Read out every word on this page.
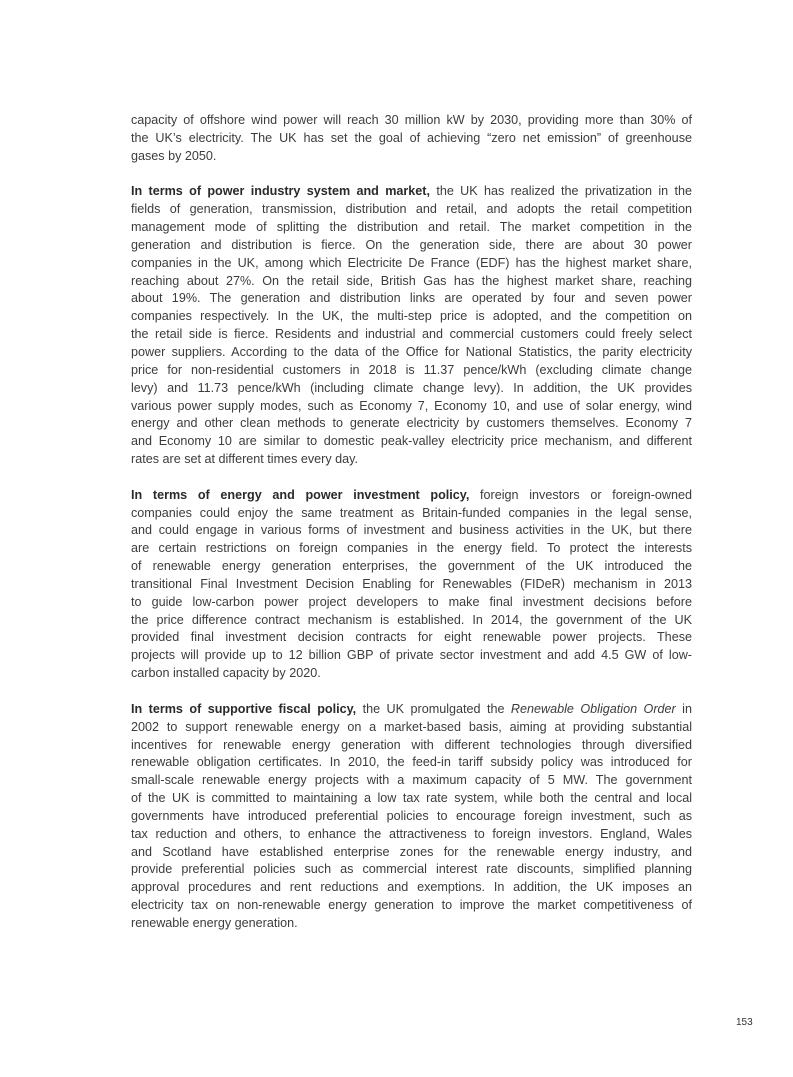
capacity of offshore wind power will reach 30 million kW by 2030, providing more than 30% of
the UK’s electricity. The UK has set the goal of achieving “zero net emission” of greenhouse
gases by 2050.
In terms of power industry system and market, the UK has realized the privatization in the
fields of generation, transmission, distribution and retail, and adopts the retail competition
management mode of splitting the distribution and retail. The market competition in the
generation and distribution is fierce. On the generation side, there are about 30 power
companies in the UK, among which Electricite De France (EDF) has the highest market share,
reaching about 27%. On the retail side, British Gas has the highest market share, reaching
about 19%. The generation and distribution links are operated by four and seven power
companies respectively. In the UK, the multi-step price is adopted, and the competition on
the retail side is fierce. Residents and industrial and commercial customers could freely select
power suppliers. According to the data of the Office for National Statistics, the parity electricity
price for non-residential customers in 2018 is 11.37 pence/kWh (excluding climate change
levy) and 11.73 pence/kWh (including climate change levy). In addition, the UK provides
various power supply modes, such as Economy 7, Economy 10, and use of solar energy, wind
energy and other clean methods to generate electricity by customers themselves. Economy 7
and Economy 10 are similar to domestic peak-valley electricity price mechanism, and different
rates are set at different times every day.
In terms of energy and power investment policy, foreign investors or foreign-owned
companies could enjoy the same treatment as Britain-funded companies in the legal sense,
and could engage in various forms of investment and business activities in the UK, but there
are certain restrictions on foreign companies in the energy field. To protect the interests
of renewable energy generation enterprises, the government of the UK introduced the
transitional Final Investment Decision Enabling for Renewables (FIDeR) mechanism in 2013
to guide low-carbon power project developers to make final investment decisions before
the price difference contract mechanism is established. In 2014, the government of the UK
provided final investment decision contracts for eight renewable power projects. These
projects will provide up to 12 billion GBP of private sector investment and add 4.5 GW of low-
carbon installed capacity by 2020.
In terms of supportive fiscal policy, the UK promulgated the Renewable Obligation Order in
2002 to support renewable energy on a market-based basis, aiming at providing substantial
incentives for renewable energy generation with different technologies through diversified
renewable obligation certificates. In 2010, the feed-in tariff subsidy policy was introduced for
small-scale renewable energy projects with a maximum capacity of 5 MW. The government
of the UK is committed to maintaining a low tax rate system, while both the central and local
governments have introduced preferential policies to encourage foreign investment, such as
tax reduction and others, to enhance the attractiveness to foreign investors. England, Wales
and Scotland have established enterprise zones for the renewable energy industry, and
provide preferential policies such as commercial interest rate discounts, simplified planning
approval procedures and rent reductions and exemptions. In addition, the UK imposes an
electricity tax on non-renewable energy generation to improve the market competitiveness of
renewable energy generation.
153
